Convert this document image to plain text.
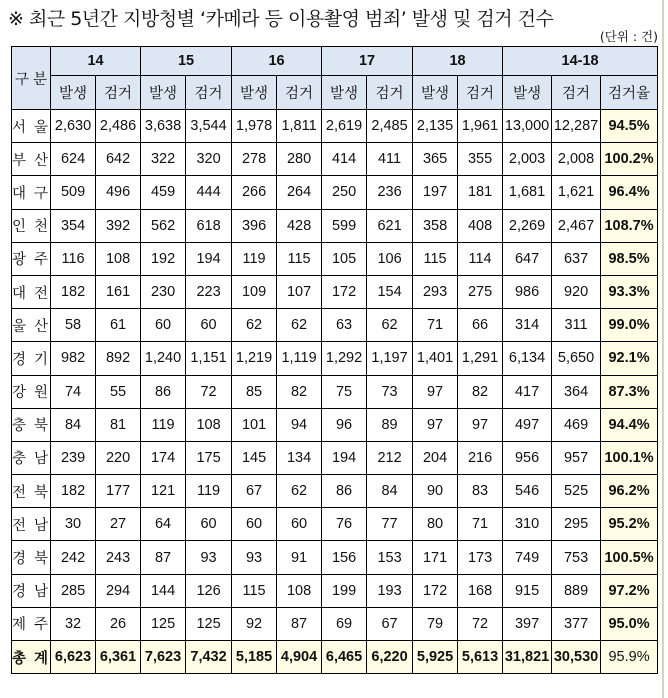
※ 최근 5년간 지방청별 ‘카메라 등 이용촬영 범죄’ 발생 및 검거 건수
(단위 : 건)
구 분	14		15		16		17		18		14-18		
	발생	검거	발생	검거	발생	검거	발생	검거	발생	검거	발생	검거	검거율
서 울	2,630	2,486	3,638	3,544	1,978	1,811	2,619	2,485	2,135	1,961	13,000	12,287	94.5%
부 산	624	642	322	320	278	280	414	411	365	355	2,003	2,008	100.2%
대 구	509	496	459	444	266	264	250	236	197	181	1,681	1,621	96.4%
인 천	354	392	562	618	396	428	599	621	358	408	2,269	2,467	108.7%
광 주	116	108	192	194	119	115	105	106	115	114	647	637	98.5%
대 전	182	161	230	223	109	107	172	154	293	275	986	920	93.3%
울 산	58	61	60	60	62	62	63	62	71	66	314	311	99.0%
경 기	982	892	1,240	1,151	1,219	1,119	1,292	1,197	1,401	1,291	6,134	5,650	92.1%
강 원	74	55	86	72	85	82	75	73	97	82	417	364	87.3%
충 북	84	81	119	108	101	94	96	89	97	97	497	469	94.4%
충 남	239	220	174	175	145	134	194	212	204	216	956	957	100.1%
전 북	182	177	121	119	67	62	86	84	90	83	546	525	96.2%
전 남	30	27	64	60	60	60	76	77	80	71	310	295	95.2%
경 북	242	243	87	93	93	91	156	153	171	173	749	753	100.5%
경 남	285	294	144	126	115	108	199	193	172	168	915	889	97.2%
제 주	32	26	125	125	92	87	69	67	79	72	397	377	95.0%
총 계	6,623	6,361	7,623	7,432	5,185	4,904	6,465	6,220	5,925	5,613	31,821	30,530	95.9%
